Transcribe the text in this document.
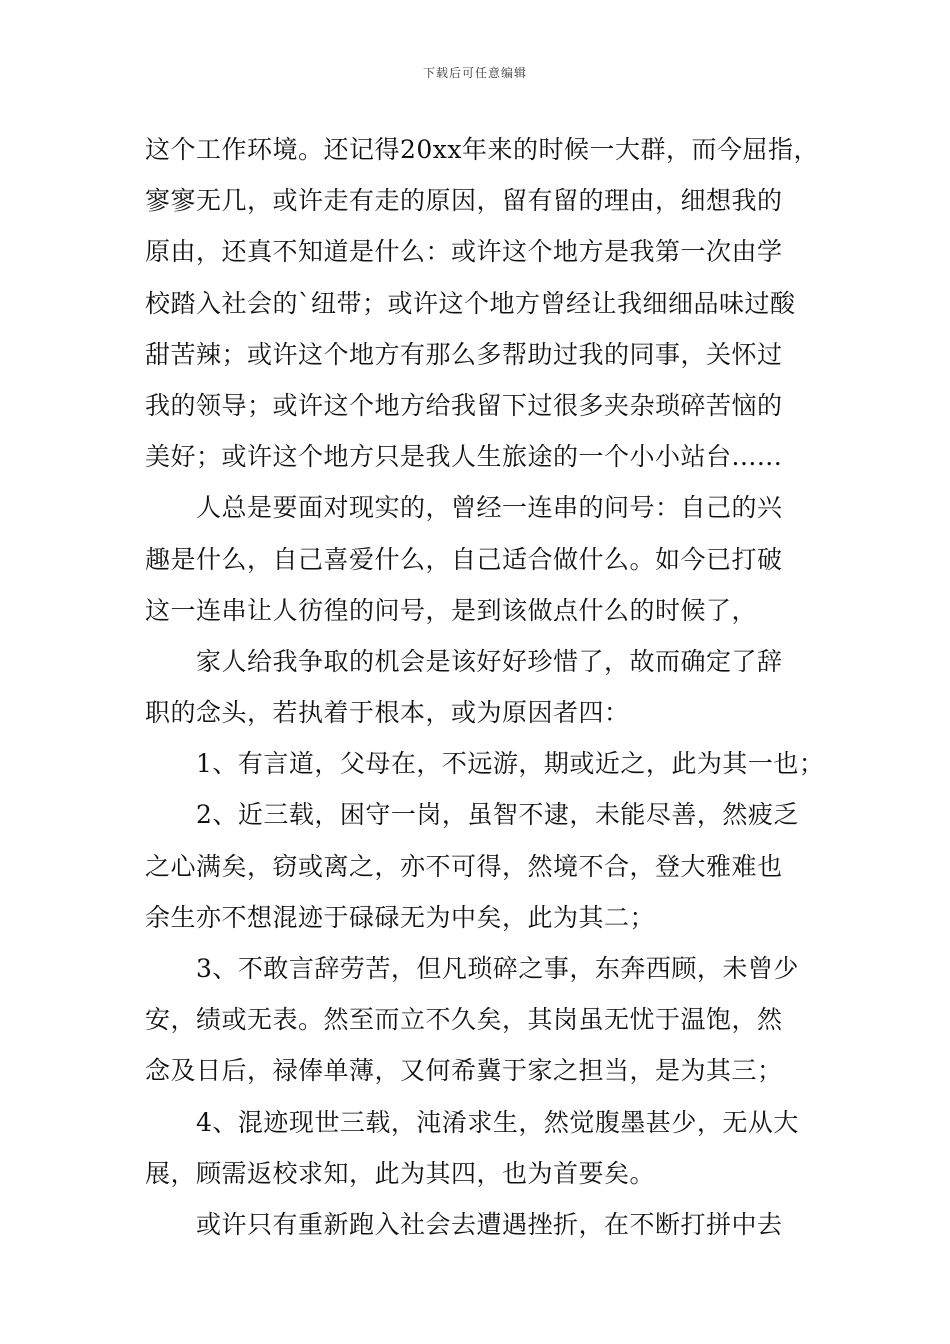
下载后可任意编辑
这个工作环境。还记得20xx年来的时候一大群，而今屈指，
寥寥无几，或许走有走的原因，留有留的理由，细想我的
原由，还真不知道是什么：或许这个地方是我第一次由学
校踏入社会的`纽带；或许这个地方曾经让我细细品味过酸
甜苦辣；或许这个地方有那么多帮助过我的同事，关怀过
我的领导；或许这个地方给我留下过很多夹杂琐碎苦恼的
美好；或许这个地方只是我人生旅途的一个小小站台......
人总是要面对现实的，曾经一连串的问号：自己的兴
趣是什么，自己喜爱什么，自己适合做什么。如今已打破
这一连串让人彷徨的问号，是到该做点什么的时候了，
家人给我争取的机会是该好好珍惜了，故而确定了辞
职的念头，若执着于根本，或为原因者四：
1、有言道，父母在，不远游，期或近之，此为其一也；
2、近三载，困守一岗，虽智不逮，未能尽善，然疲乏
之心满矣，窃或离之，亦不可得，然境不合，登大雅难也
余生亦不想混迹于碌碌无为中矣，此为其二；
3、不敢言辞劳苦，但凡琐碎之事，东奔西顾，未曾少
安，绩或无表。然至而立不久矣，其岗虽无忧于温饱，然
念及日后，禄俸单薄，又何希冀于家之担当，是为其三；
4、混迹现世三载，沌淆求生，然觉腹墨甚少，无从大
展，顾需返校求知，此为其四，也为首要矣。
或许只有重新跑入社会去遭遇挫折，在不断打拼中去
